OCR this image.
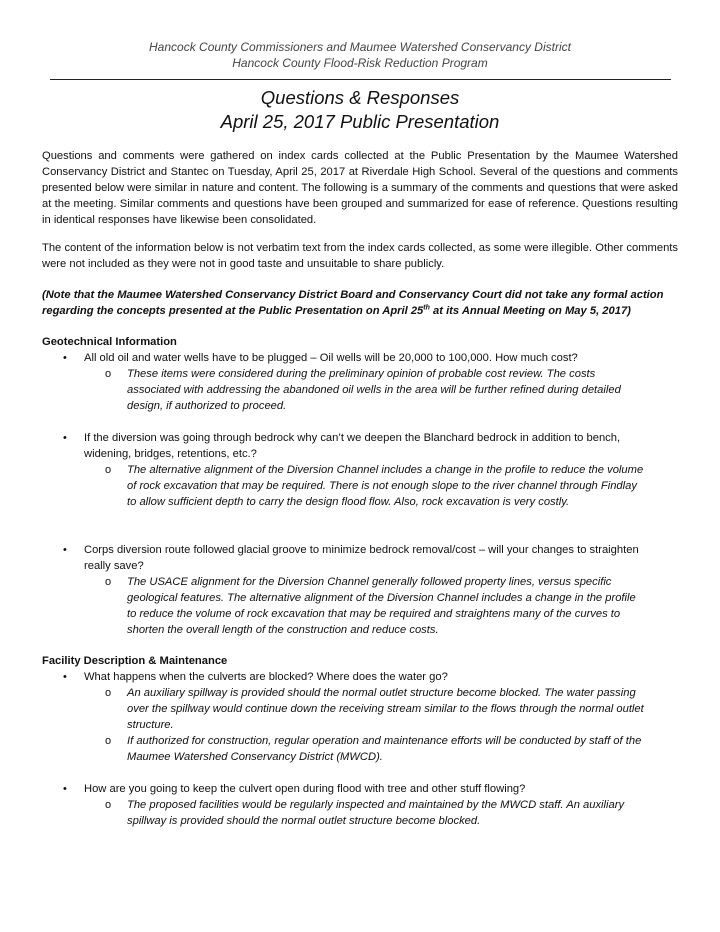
Hancock County Commissioners and Maumee Watershed Conservancy District
Hancock County Flood-Risk Reduction Program
Questions & Responses
April 25, 2017 Public Presentation

Questions and comments were gathered on index cards collected at the Public Presentation by the Maumee Watershed Conservancy District and Stantec on Tuesday, April 25, 2017 at Riverdale High School. Several of the questions and comments presented below were similar in nature and content. The following is a summary of the comments and questions that were asked at the meeting. Similar comments and questions have been grouped and summarized for ease of reference. Questions resulting in identical responses have likewise been consolidated.

The content of the information below is not verbatim text from the index cards collected, as some were illegible. Other comments were not included as they were not in good taste and unsuitable to share publicly.

(Note that the Maumee Watershed Conservancy District Board and Conservancy Court did not take any formal action regarding the concepts presented at the Public Presentation on April 25th at its Annual Meeting on May 5, 2017)

Geotechnical Information
• All old oil and water wells have to be plugged – Oil wells will be 20,000 to 100,000. How much cost?

o These items were considered during the preliminary opinion of probable cost review. The costs associated with addressing the abandoned oil wells in the area will be further refined during detailed design, if authorized to proceed.

• If the diversion was going through bedrock why can’t we deepen the Blanchard bedrock in addition to bench, widening, bridges, retentions, etc.?

o The alternative alignment of the Diversion Channel includes a change in the profile to reduce the volume of rock excavation that may be required. There is not enough slope to the river channel through Findlay to allow sufficient depth to carry the design flood flow. Also, rock excavation is very costly.

• Corps diversion route followed glacial groove to minimize bedrock removal/cost – will your changes to straighten really save?

o The USACE alignment for the Diversion Channel generally followed property lines, versus specific geological features. The alternative alignment of the Diversion Channel includes a change in the profile to reduce the volume of rock excavation that may be required and straightens many of the curves to shorten the overall length of the construction and reduce costs.

Facility Description & Maintenance
• What happens when the culverts are blocked? Where does the water go?

o An auxiliary spillway is provided should the normal outlet structure become blocked. The water passing over the spillway would continue down the receiving stream similar to the flows through the normal outlet structure.

o If authorized for construction, regular operation and maintenance efforts will be conducted by staff of the Maumee Watershed Conservancy District (MWCD).

• How are you going to keep the culvert open during flood with tree and other stuff flowing?

o The proposed facilities would be regularly inspected and maintained by the MWCD staff. An auxiliary spillway is provided should the normal outlet structure become blocked.
